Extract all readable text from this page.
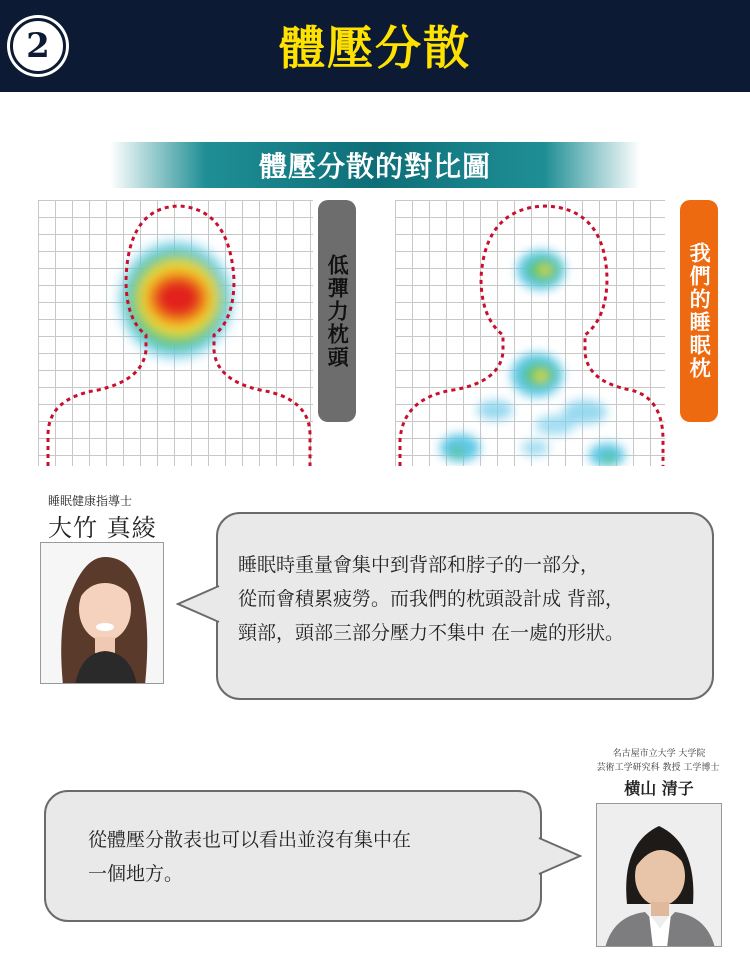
2	體壓分散
體壓分散的對比圖
低彈力枕頭	我們的睡眠枕
睡眠健康指導士
大竹 真綾
睡眠時重量會集中到背部和脖子的一部分，
從而會積累疲勞。而我們的枕頭設計成 背部，
頸部，頭部三部分壓力不集中 在一處的形狀。
名古屋市立大学 大学院
芸術工学研究科 教授 工学博士
横山 清子
從體壓分散表也可以看出並沒有集中在
一個地方。
